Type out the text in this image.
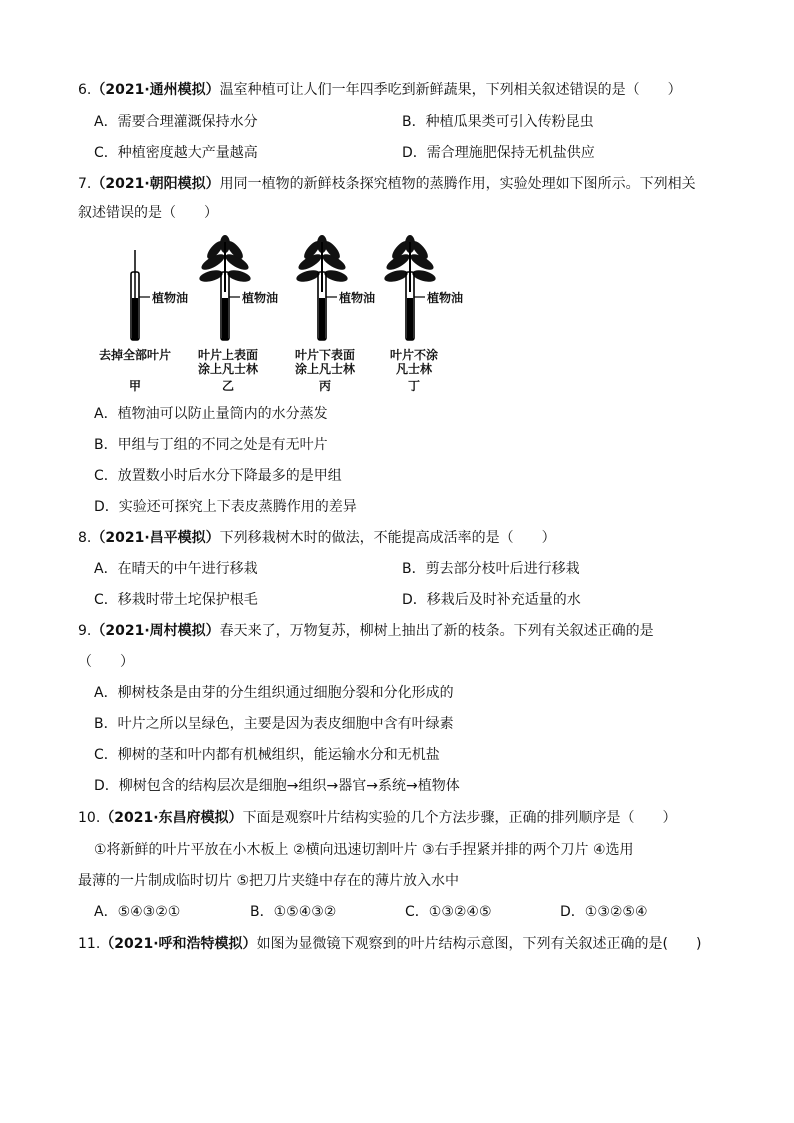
6.（2021·通州模拟）温室种植可让人们一年四季吃到新鲜蔬果，下列相关叙述错误的是（　　）
A．需要合理灌溉保持水分	B．种植瓜果类可引入传粉昆虫
C．种植密度越大产量越高	D．需合理施肥保持无机盐供应
7.（2021·朝阳模拟）用同一植物的新鲜枝条探究植物的蒸腾作用，实验处理如下图所示。下列相关
叙述错误的是（　　）
植物油	植物油	植物油	植物油
去掉全部叶片
甲
叶片上表面
涂上凡士林
乙
叶片下表面
涂上凡士林
丙
叶片不涂
凡士林
丁
A．植物油可以防止量筒内的水分蒸发
B．甲组与丁组的不同之处是有无叶片
C．放置数小时后水分下降最多的是甲组
D．实验还可探究上下表皮蒸腾作用的差异
8.（2021·昌平模拟）下列移栽树木时的做法，不能提高成活率的是（　　）
A．在晴天的中午进行移栽	B．剪去部分枝叶后进行移栽
C．移栽时带土坨保护根毛	D．移栽后及时补充适量的水
9.（2021·周村模拟）春天来了，万物复苏，柳树上抽出了新的枝条。下列有关叙述正确的是
（　　）
A．柳树枝条是由芽的分生组织通过细胞分裂和分化形成的
B．叶片之所以呈绿色，主要是因为表皮细胞中含有叶绿素
C．柳树的茎和叶内都有机械组织，能运输水分和无机盐
D．柳树包含的结构层次是细胞→组织→器官→系统→植物体
10.（2021·东昌府模拟）下面是观察叶片结构实验的几个方法步骤，正确的排列顺序是（　　）
①将新鲜的叶片平放在小木板上 ②横向迅速切割叶片 ③右手捏紧并排的两个刀片 ④选用
最薄的一片制成临时切片 ⑤把刀片夹缝中存在的薄片放入水中
A．⑤④③②①	B．①⑤④③②	C．①③②④⑤	D．①③②⑤④
11.（2021·呼和浩特模拟）如图为显微镜下观察到的叶片结构示意图，下列有关叙述正确的是(　　)
